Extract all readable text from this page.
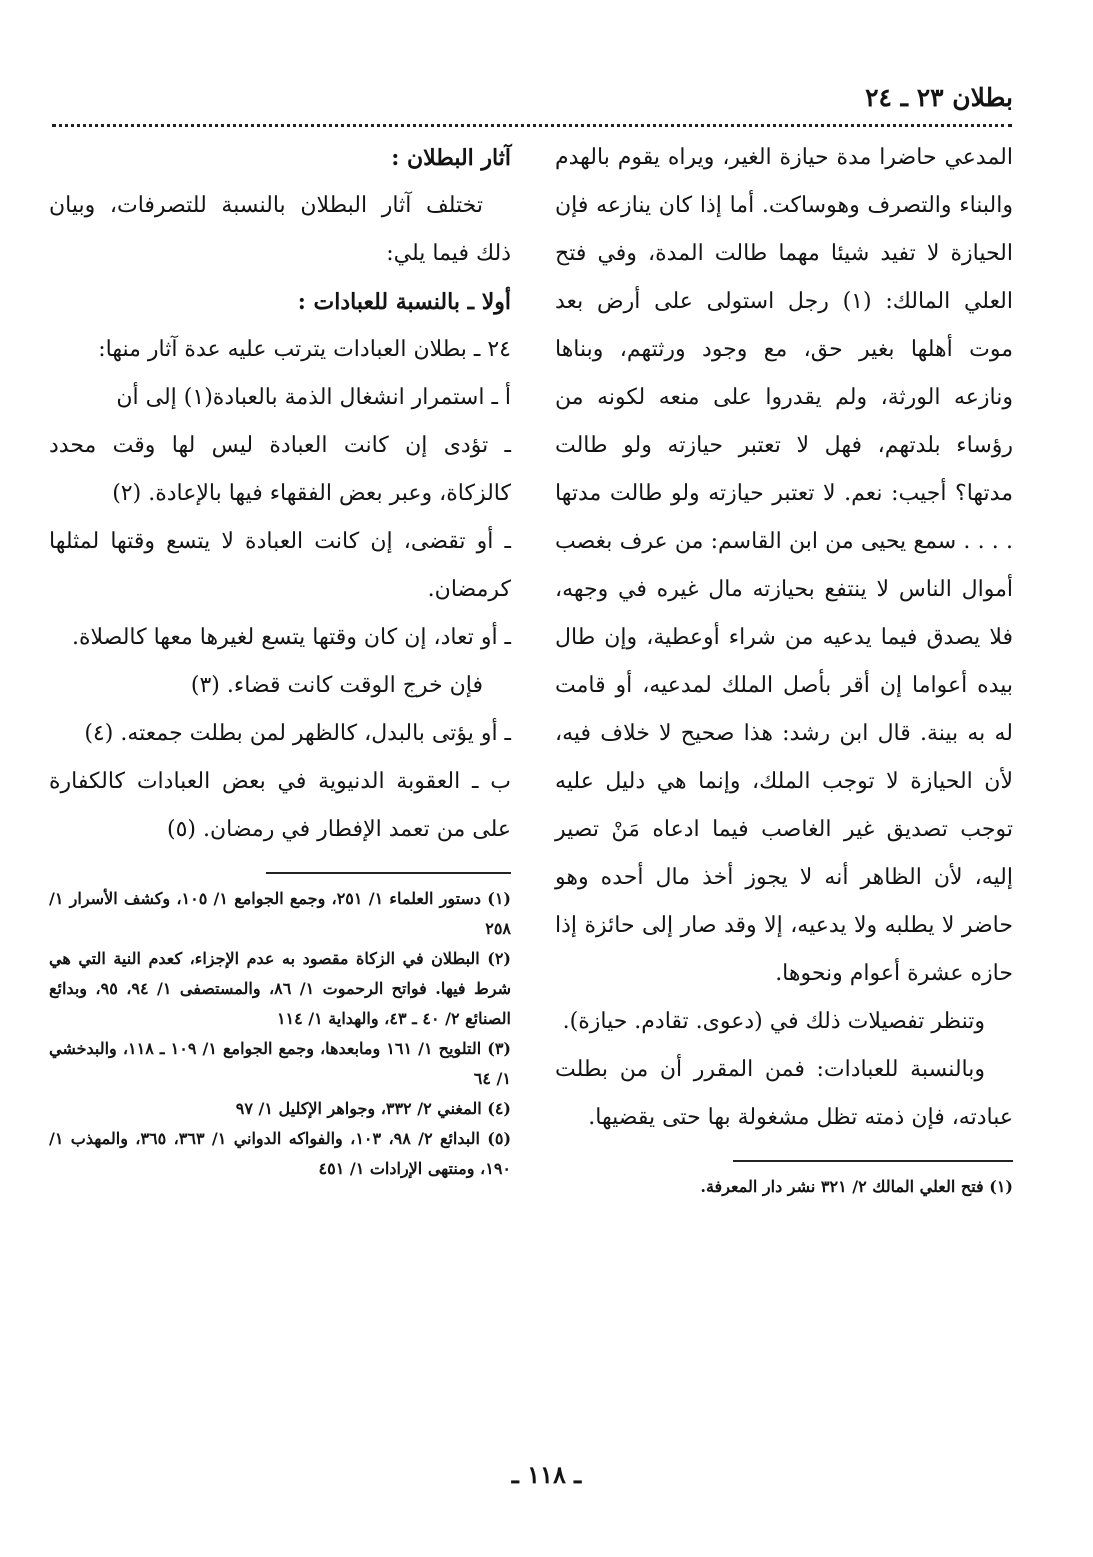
بطلان ٢٣ ـ ٢٤

المدعي حاضرا مدة حيازة الغير، ويراه يقوم بالهدم والبناء والتصرف وهوساكت. أما إذا كان ينازعه فإن الحيازة لا تفيد شيئا مهما طالت المدة، وفي فتح العلي المالك: (١) رجل استولى على أرض بعد موت أهلها بغير حق، مع وجود ورثتهم، وبناها ونازعه الورثة، ولم يقدروا على منعه لكونه من رؤساء بلدتهم، فهل لا تعتبر حيازته ولو طالت مدتها؟ أجيب: نعم. لا تعتبر حيازته ولو طالت مدتها . . . . سمع يحيى من ابن القاسم: من عرف بغصب أموال الناس لا ينتفع بحيازته مال غيره في وجهه، فلا يصدق فيما يدعيه من شراء أوعطية، وإن طال بيده أعواما إن أقر بأصل الملك لمدعيه، أو قامت له به بينة. قال ابن رشد: هذا صحيح لا خلاف فيه، لأن الحيازة لا توجب الملك، وإنما هي دليل عليه توجب تصديق غير الغاصب فيما ادعاه مَنْ تصير إليه، لأن الظاهر أنه لا يجوز أخذ مال أحده وهو حاضر لا يطلبه ولا يدعيه، إلا وقد صار إلى حائزة إذا حازه عشرة أعوام ونحوها.

وتنظر تفصيلات ذلك في (دعوى. تقادم. حيازة).

وبالنسبة للعبادات: فمن المقرر أن من بطلت عبادته، فإن ذمته تظل مشغولة بها حتى يقضيها.

(١) فتح العلي المالك ٢/ ٣٢١ نشر دار المعرفة.

آثار البطلان :

تختلف آثار البطلان بالنسبة للتصرفات، وبيان ذلك فيما يلي:

أولا ـ بالنسبة للعبادات :

٢٤ ـ بطلان العبادات يترتب عليه عدة آثار منها:

أ ـ استمرار انشغال الذمة بالعبادة(١) إلى أن

ـ تؤدى إن كانت العبادة ليس لها وقت محدد كالزكاة، وعبر بعض الفقهاء فيها بالإعادة. (٢)

ـ أو تقضى، إن كانت العبادة لا يتسع وقتها لمثلها كرمضان.

ـ أو تعاد، إن كان وقتها يتسع لغيرها معها كالصلاة.

فإن خرج الوقت كانت قضاء. (٣)

ـ أو يؤتى بالبدل، كالظهر لمن بطلت جمعته. (٤)

ب ـ العقوبة الدنيوية في بعض العبادات كالكفارة على من تعمد الإفطار في رمضان. (٥)

(١) دستور العلماء ١/ ٢٥١، وجمع الجوامع ١/ ١٠٥، وكشف الأسرار ١/ ٢٥٨

(٢) البطلان في الزكاة مقصود به عدم الإجزاء، كعدم النية التي هي شرط فيها. فواتح الرحموت ١/ ٨٦، والمستصفى ١/ ٩٤، ٩٥، وبدائع الصنائع ٢/ ٤٠ ـ ٤٣، والهداية ١/ ١١٤

(٣) التلويح ١/ ١٦١ ومابعدها، وجمع الجوامع ١/ ١٠٩ ـ ١١٨، والبدخشي ١/ ٦٤

(٤) المغني ٢/ ٣٣٢، وجواهر الإكليل ١/ ٩٧

(٥) البدائع ٢/ ٩٨، ١٠٣، والفواكه الدواني ١/ ٣٦٣، ٣٦٥، والمهذب ١/ ١٩٠، ومنتهى الإرادات ١/ ٤٥١

ـ ١١٨ ـ
